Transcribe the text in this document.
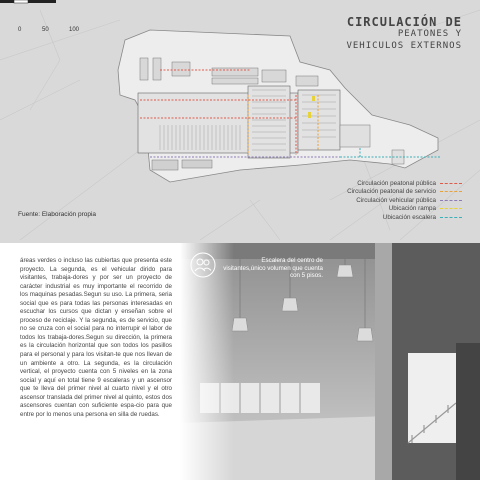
0	50	100
CIRCULACIÓN DE
PEATONES Y
VEHICULOS EXTERNOS
Circulación peatonal pública
Circulación peatonal de servicio
Circulación vehicular pública
Ubicación rampa
Ubicación escalera
Fuente: Elaboración propia
áreas verdes o incluso las cubiertas que presenta este proyecto. La segunda, es el vehicular dirido para visitantes, trabaja-dores y por ser un proyecto de carácter industrial es muy importante el recorrido de los maquinas pesadas.Segun su uso. La primera, seria social que es para todas las personas interesadas en escuchar los cursos que dictan y enseñan sobre el proceso de reciclaje. Y la segunda, es de servicio, que no se cruza con el social para no interrupir el labor de todos los trabaja-dores.Segun su dirección, la primera es la circulación horizontal que son todos los pasillos para el personal y para los visitan-te que nos llevan de un ambiente a otro. La segunda, es la circulación vertical, el proyecto cuenta con 5 niveles en la zona social y aquí en total tiene 9 escaleras y un ascensor que te lleva del primer nivel al cuarto nivel y el otro ascensor translada del primer nivel al quinto, estos dos ascensores cuentan con suficiente espa-cio para que entre por lo menos una persona en silla de ruedas.
Escalera del centro de visitantes,único volumen que cuenta con 5 pisos.
